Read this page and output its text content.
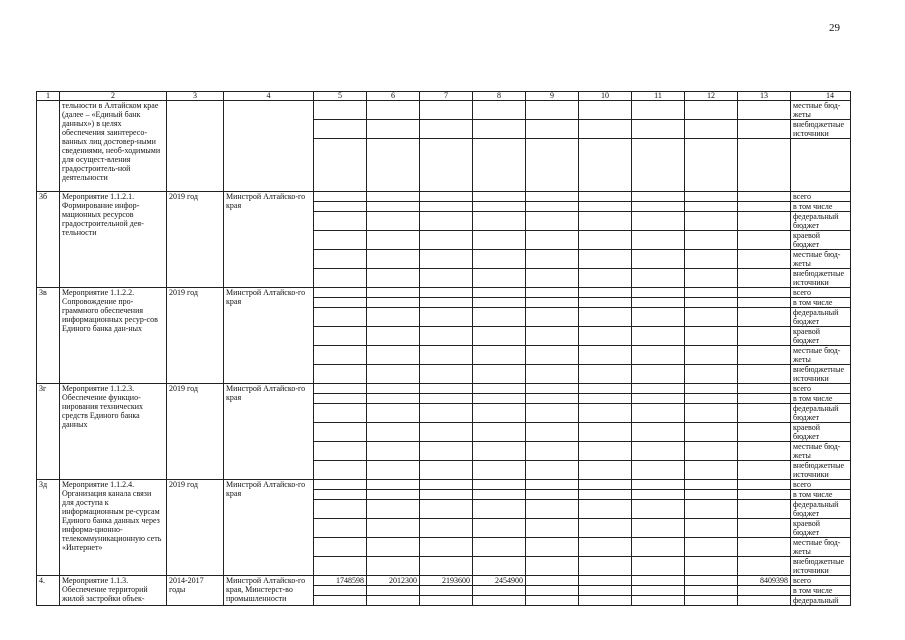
29
1	2	3	4	5	6	7	8	9	10	11	12	13	14
	тельности в Алтайском крае (далее – «Единый банк данных») в целях обеспечения заинтересо-ванных лиц достовер-ными сведениями, необ-ходимыми для осущест-вления градостроитель-ной деятельности												местные бюд-жеты
													внебюджетные источники

3б	Мероприятие 1.1.2.1. Формирование инфор-мационных ресурсов градостроительной дея-тельности	2019 год	Минстрой Алтайско-го края										всего
													в том числе
													федеральный бюджет
													краевой бюджет
													местные бюд-жеты
													внебюджетные источники
3в	Мероприятие 1.1.2.2. Сопровождение про-граммного обеспечения информационных ресур-сов Единого банка дан-ных	2019 год	Минстрой Алтайско-го края										всего
													в том числе
													федеральный бюджет
													краевой бюджет
													местные бюд-жеты
													внебюджетные источники
3г	Мероприятие 1.1.2.3. Обеспечение функцио-нирования технических средств Единого банка данных	2019 год	Минстрой Алтайско-го края										всего
													в том числе
													федеральный бюджет
													краевой бюджет
													местные бюд-жеты
													внебюджетные источники
3д	Мероприятие 1.1.2.4. Организация канала связи для доступа к информационным ре-сурсам Единого банка данных через информа-ционно-телекоммуникационную сеть «Интернет»	2019 год	Минстрой Алтайско-го края										всего
													в том числе
													федеральный бюджет
													краевой бюджет
													местные бюд-жеты
													внебюджетные источники
4.	Мероприятие 1.1.3. Обеспечение территорий жилой застройки объек-	2014-2017 годы	Минстрой Алтайско-го края, Минстерст-во промышленности	1748598	2012300	2193600	2454900					8409398	всего
													в том числе
													федеральный
